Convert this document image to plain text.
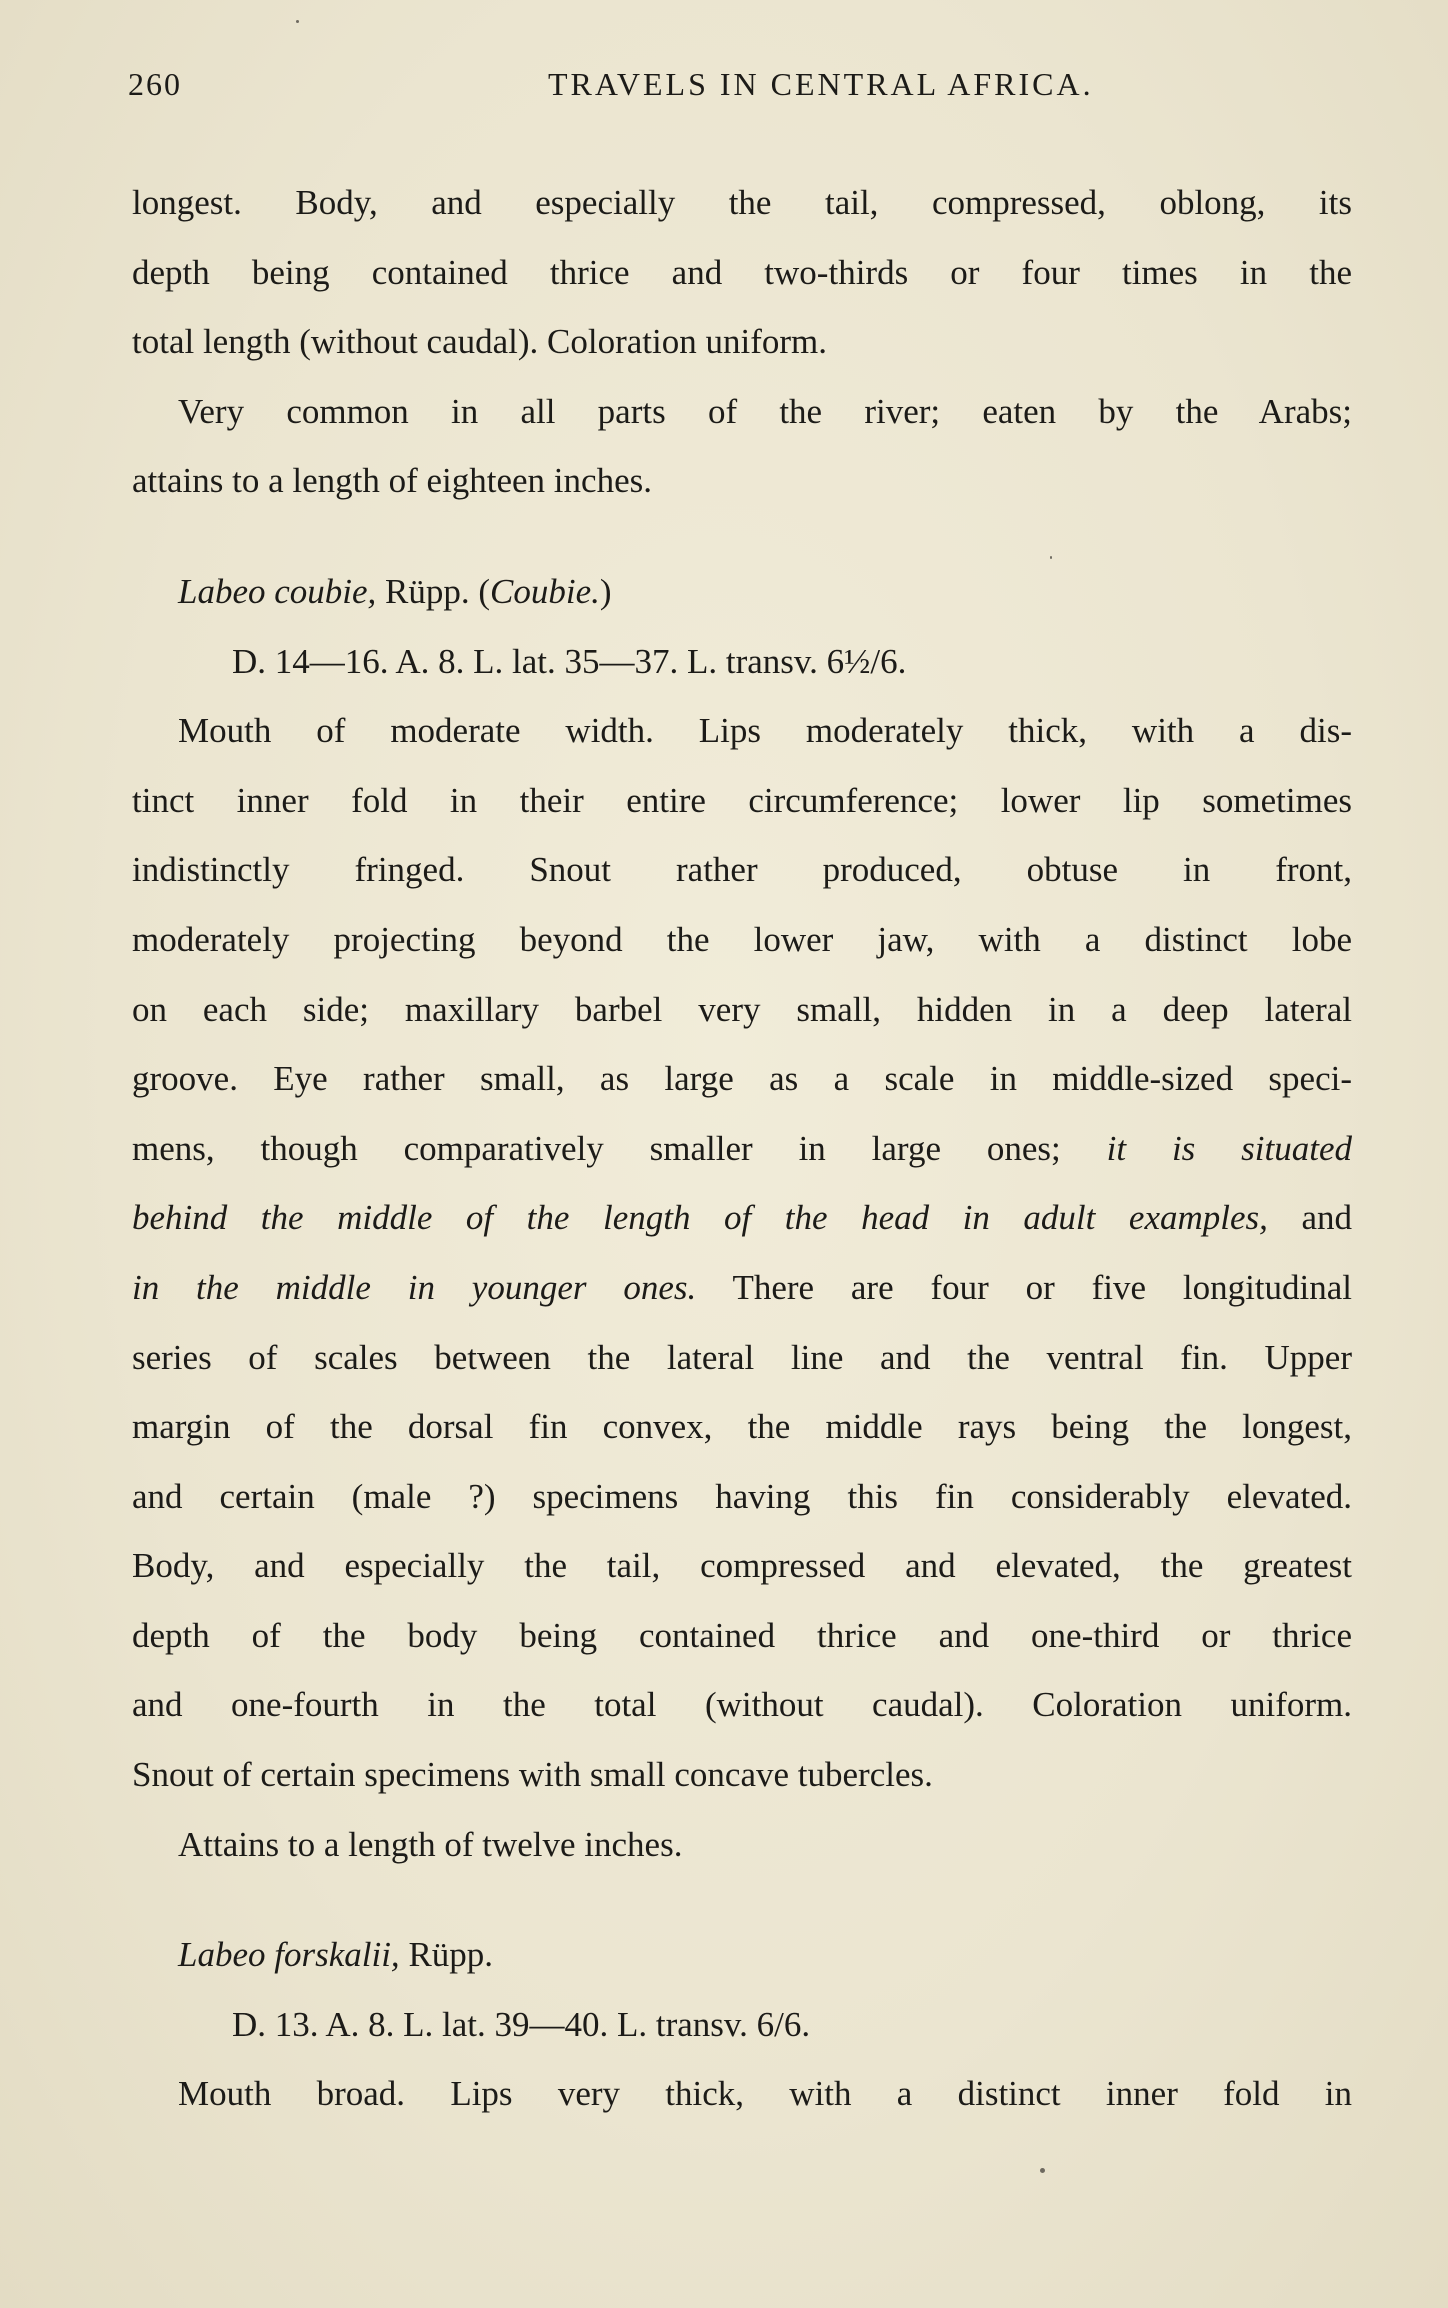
260	TRAVELS IN CENTRAL AFRICA.
longest. Body, and especially the tail, compressed, oblong, its
depth being contained thrice and two-thirds or four times in the
total length (without caudal). Coloration uniform.
Very common in all parts of the river; eaten by the Arabs;
attains to a length of eighteen inches.
Labeo coubie, Rüpp. (Coubie.)
D. 14—16. A. 8. L. lat. 35—37. L. transv. 6½/6.
Mouth of moderate width. Lips moderately thick, with a dis-
tinct inner fold in their entire circumference; lower lip sometimes
indistinctly fringed. Snout rather produced, obtuse in front,
moderately projecting beyond the lower jaw, with a distinct lobe
on each side; maxillary barbel very small, hidden in a deep lateral
groove. Eye rather small, as large as a scale in middle-sized speci-
mens, though comparatively smaller in large ones; it is situated
behind the middle of the length of the head in adult examples, and
in the middle in younger ones. There are four or five longitudinal
series of scales between the lateral line and the ventral fin. Upper
margin of the dorsal fin convex, the middle rays being the longest,
and certain (male ?) specimens having this fin considerably elevated.
Body, and especially the tail, compressed and elevated, the greatest
depth of the body being contained thrice and one-third or thrice
and one-fourth in the total (without caudal). Coloration uniform.
Snout of certain specimens with small concave tubercles.
Attains to a length of twelve inches.
Labeo forskalii, Rüpp.
D. 13. A. 8. L. lat. 39—40. L. transv. 6/6.
Mouth broad. Lips very thick, with a distinct inner fold in
